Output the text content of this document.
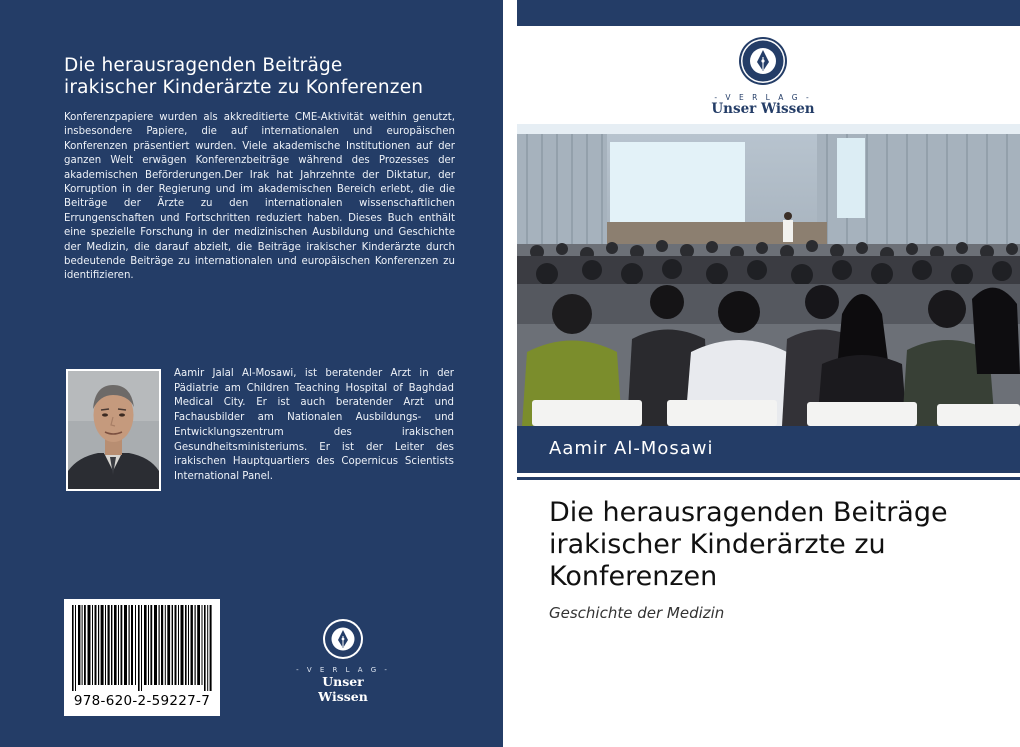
Die herausragenden Beiträge
irakischer Kinderärzte zu Konferenzen
Konferenzpapiere wurden als akkreditierte CME-Aktivität weithin genutzt, insbesondere Papiere, die auf internationalen und europäischen Konferenzen präsentiert wurden. Viele akademische Institutionen auf der ganzen Welt erwägen Konferenzbeiträge während des Prozesses der akademischen Beförderungen.Der Irak hat Jahrzehnte der Diktatur, der Korruption in der Regierung und im akademischen Bereich erlebt, die die Beiträge der Ärzte zu den internationalen wissenschaftlichen Errungenschaften und Fortschritten reduziert haben. Dieses Buch enthält eine spezielle Forschung in der medizinischen Ausbildung und Geschichte der Medizin, die darauf abzielt, die Beiträge irakischer Kinderärzte durch bedeutende Beiträge zu internationalen und europäischen Konferenzen zu identifizieren.
Aamir Jalal Al-Mosawi, ist beratender Arzt in der Pädiatrie am Children Teaching Hospital of Baghdad Medical City. Er ist auch beratender Arzt und Fachausbilder am Nationalen Ausbildungs- und Entwicklungszentrum des irakischen Gesundheitsministeriums. Er ist der Leiter des irakischen Hauptquartiers des Copernicus Scientists International Panel.
978-620-2-59227-7
- V E R L A G -
Unser Wissen
- V E R L A G -
Unser Wissen
Aamir Al-Mosawi
Die herausragenden Beiträge
irakischer Kinderärzte zu
Konferenzen
Geschichte der Medizin
